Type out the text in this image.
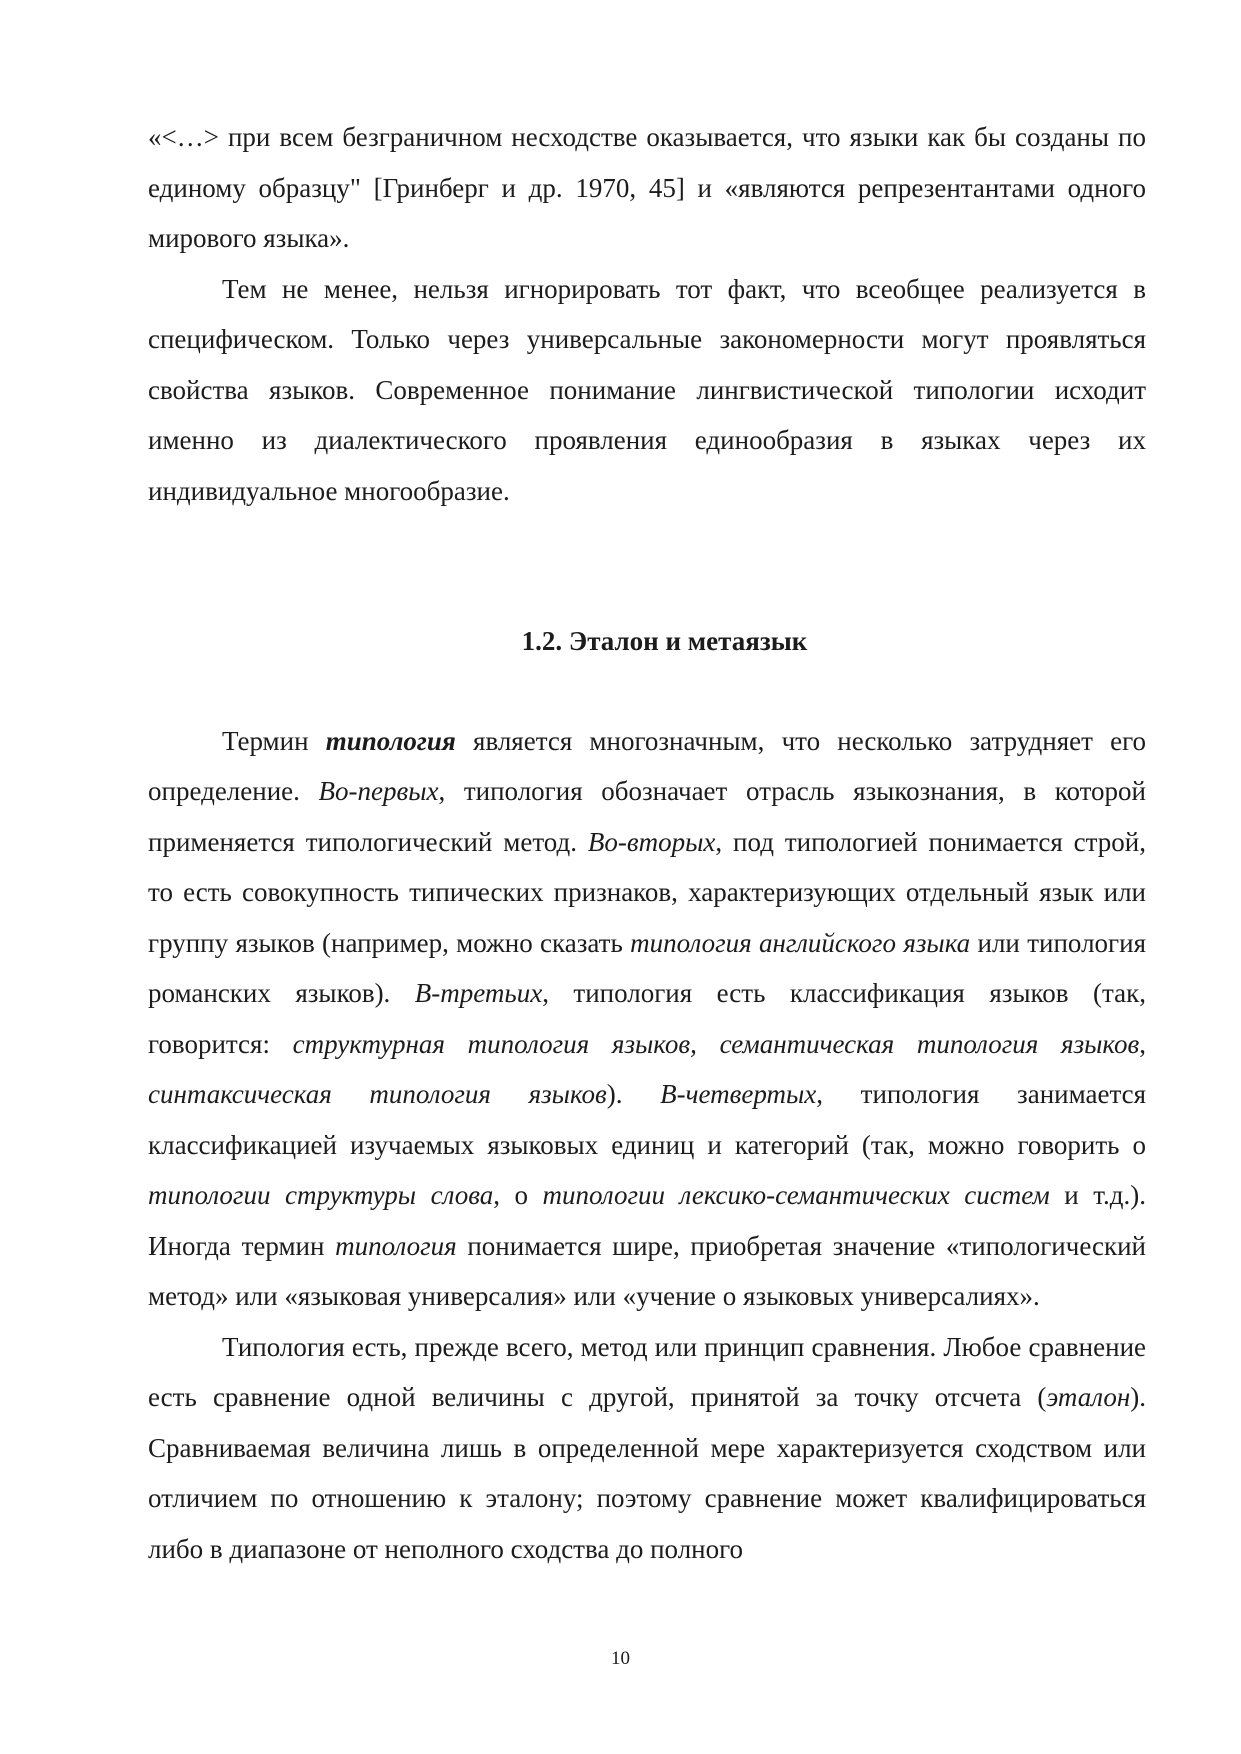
«<…> при всем безграничном несходстве оказывается, что языки как бы созданы по единому образцу" [Гринберг и др. 1970, 45] и «являются репрезентантами одного мирового языка».

Тем не менее, нельзя игнорировать тот факт, что всеобщее реализуется в специфическом. Только через универсальные закономерности могут проявляться свойства языков. Современное понимание лингвистической типологии исходит именно из диалектического проявления единообразия в языках через их индивидуальное многообразие.

1.2. Эталон и метаязык

Термин типология является многозначным, что несколько затрудняет его определение. Во-первых, типология обозначает отрасль языкознания, в которой применяется типологический метод. Во-вторых, под типологией понимается строй, то есть совокупность типических признаков, характеризующих отдельный язык или группу языков (например, можно сказать типология английского языка или типология романских языков). В-третьих, типология есть классификация языков (так, говорится: структурная типология языков, семантическая типология языков, синтаксическая типология языков). В-четвертых, типология занимается классификацией изучаемых языковых единиц и категорий (так, можно говорить о типологии структуры слова, о типологии лексико-семантических систем и т.д.). Иногда термин типология понимается шире, приобретая значение «типологический метод» или «языковая универсалия» или «учение о языковых универсалиях».

Типология есть, прежде всего, метод или принцип сравнения. Любое сравнение есть сравнение одной величины с другой, принятой за точку отсчета (эталон). Сравниваемая величина лишь в определенной мере характеризуется сходством или отличием по отношению к эталону; поэтому сравнение может квалифицироваться либо в диапазоне от неполного сходства до полного

10
